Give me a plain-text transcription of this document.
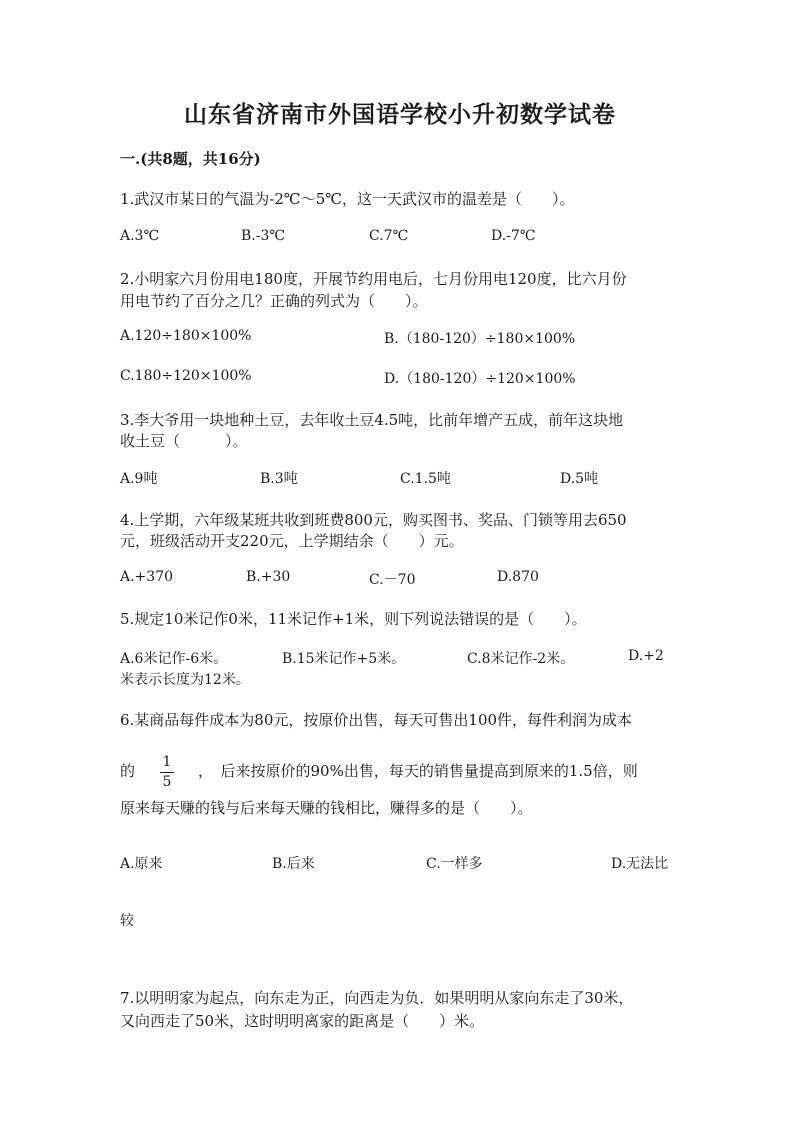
山东省济南市外国语学校小升初数学试卷
一.(共8题，共16分)
1.武汉市某日的气温为-2℃～5℃，这一天武汉市的温差是（　　）。
A.3℃	B.-3℃	C.7℃	D.-7℃
2.小明家六月份用电180度，开展节约用电后，七月份用电120度，比六月份
用电节约了百分之几？正确的列式为（　　）。
A.120÷180×100%	B.（180-120）÷180×100%
C.180÷120×100%	D.（180-120）÷120×100%
3.李大爷用一块地种土豆，去年收土豆4.5吨，比前年增产五成，前年这块地
收土豆（　　　）。
A.9吨	B.3吨	C.1.5吨	D.5吨
4.上学期，六年级某班共收到班费800元，购买图书、奖品、门锁等用去650
元，班级活动开支220元，上学期结余（　　）元。
A.+370	B.+30	C.－70	D.870
5.规定10米记作0米，11米记作+1米，则下列说法错误的是（　　）。
A.6米记作-6米。	B.15米记作+5米。	C.8米记作-2米。	D.+2
米表示长度为12米。
6.某商品每件成本为80元，按原价出售，每天可售出100件，每件利润为成本
的 1
5
，　后来按原价的90%出售，每天的销售量提高到原来的1.5倍，则
原来每天赚的钱与后来每天赚的钱相比，赚得多的是（　　）。
A.原来	B.后来	C.一样多	D.无法比
较
7.以明明家为起点，向东走为正，向西走为负．如果明明从家向东走了30米，
又向西走了50米，这时明明离家的距离是（　　）米。
